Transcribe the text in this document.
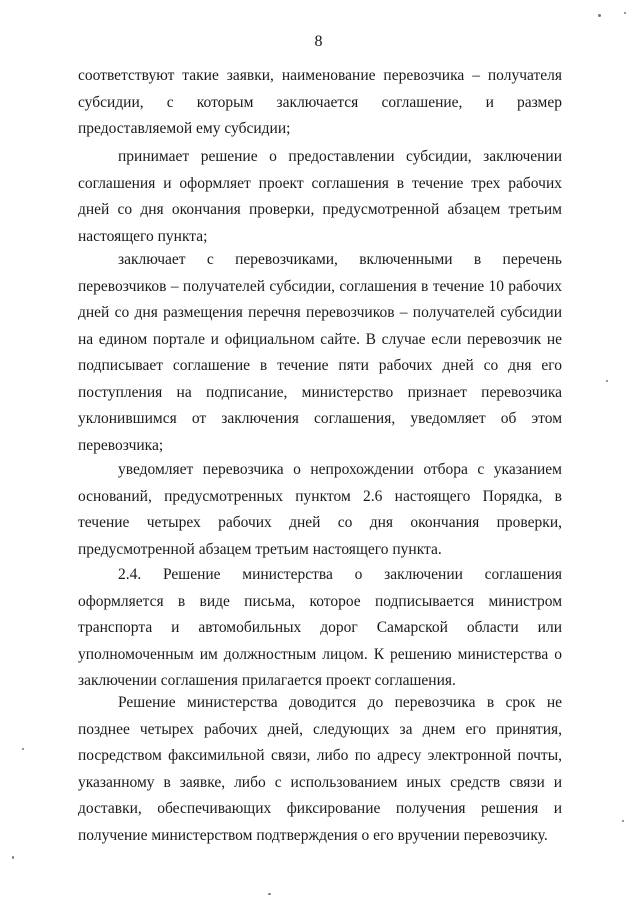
8
соответствуют такие заявки, наименование перевозчика – получателя субсидии, с которым заключается соглашение, и размер предоставляемой ему субсидии;
принимает решение о предоставлении субсидии, заключении соглашения и оформляет проект соглашения в течение трех рабочих дней со дня окончания проверки, предусмотренной абзацем третьим настоящего пункта;
заключает с перевозчиками, включенными в перечень перевозчиков – получателей субсидии, соглашения в течение 10 рабочих дней со дня размещения перечня перевозчиков – получателей субсидии на едином портале и официальном сайте. В случае если перевозчик не подписывает соглашение в течение пяти рабочих дней со дня его поступления на подписание, министерство признает перевозчика уклонившимся от заключения соглашения, уведомляет об этом перевозчика;
уведомляет перевозчика о непрохождении отбора с указанием оснований, предусмотренных пунктом 2.6 настоящего Порядка, в течение четырех рабочих дней со дня окончания проверки, предусмотренной абзацем третьим настоящего пункта.
2.4. Решение министерства о заключении соглашения оформляется в виде письма, которое подписывается министром транспорта и автомобильных дорог Самарской области или уполномоченным им должностным лицом. К решению министерства о заключении соглашения прилагается проект соглашения.
Решение министерства доводится до перевозчика в срок не позднее четырех рабочих дней, следующих за днем его принятия, посредством факсимильной связи, либо по адресу электронной почты, указанному в заявке, либо с использованием иных средств связи и доставки, обеспечивающих фиксирование получения решения и получение министерством подтверждения о его вручении перевозчику.
